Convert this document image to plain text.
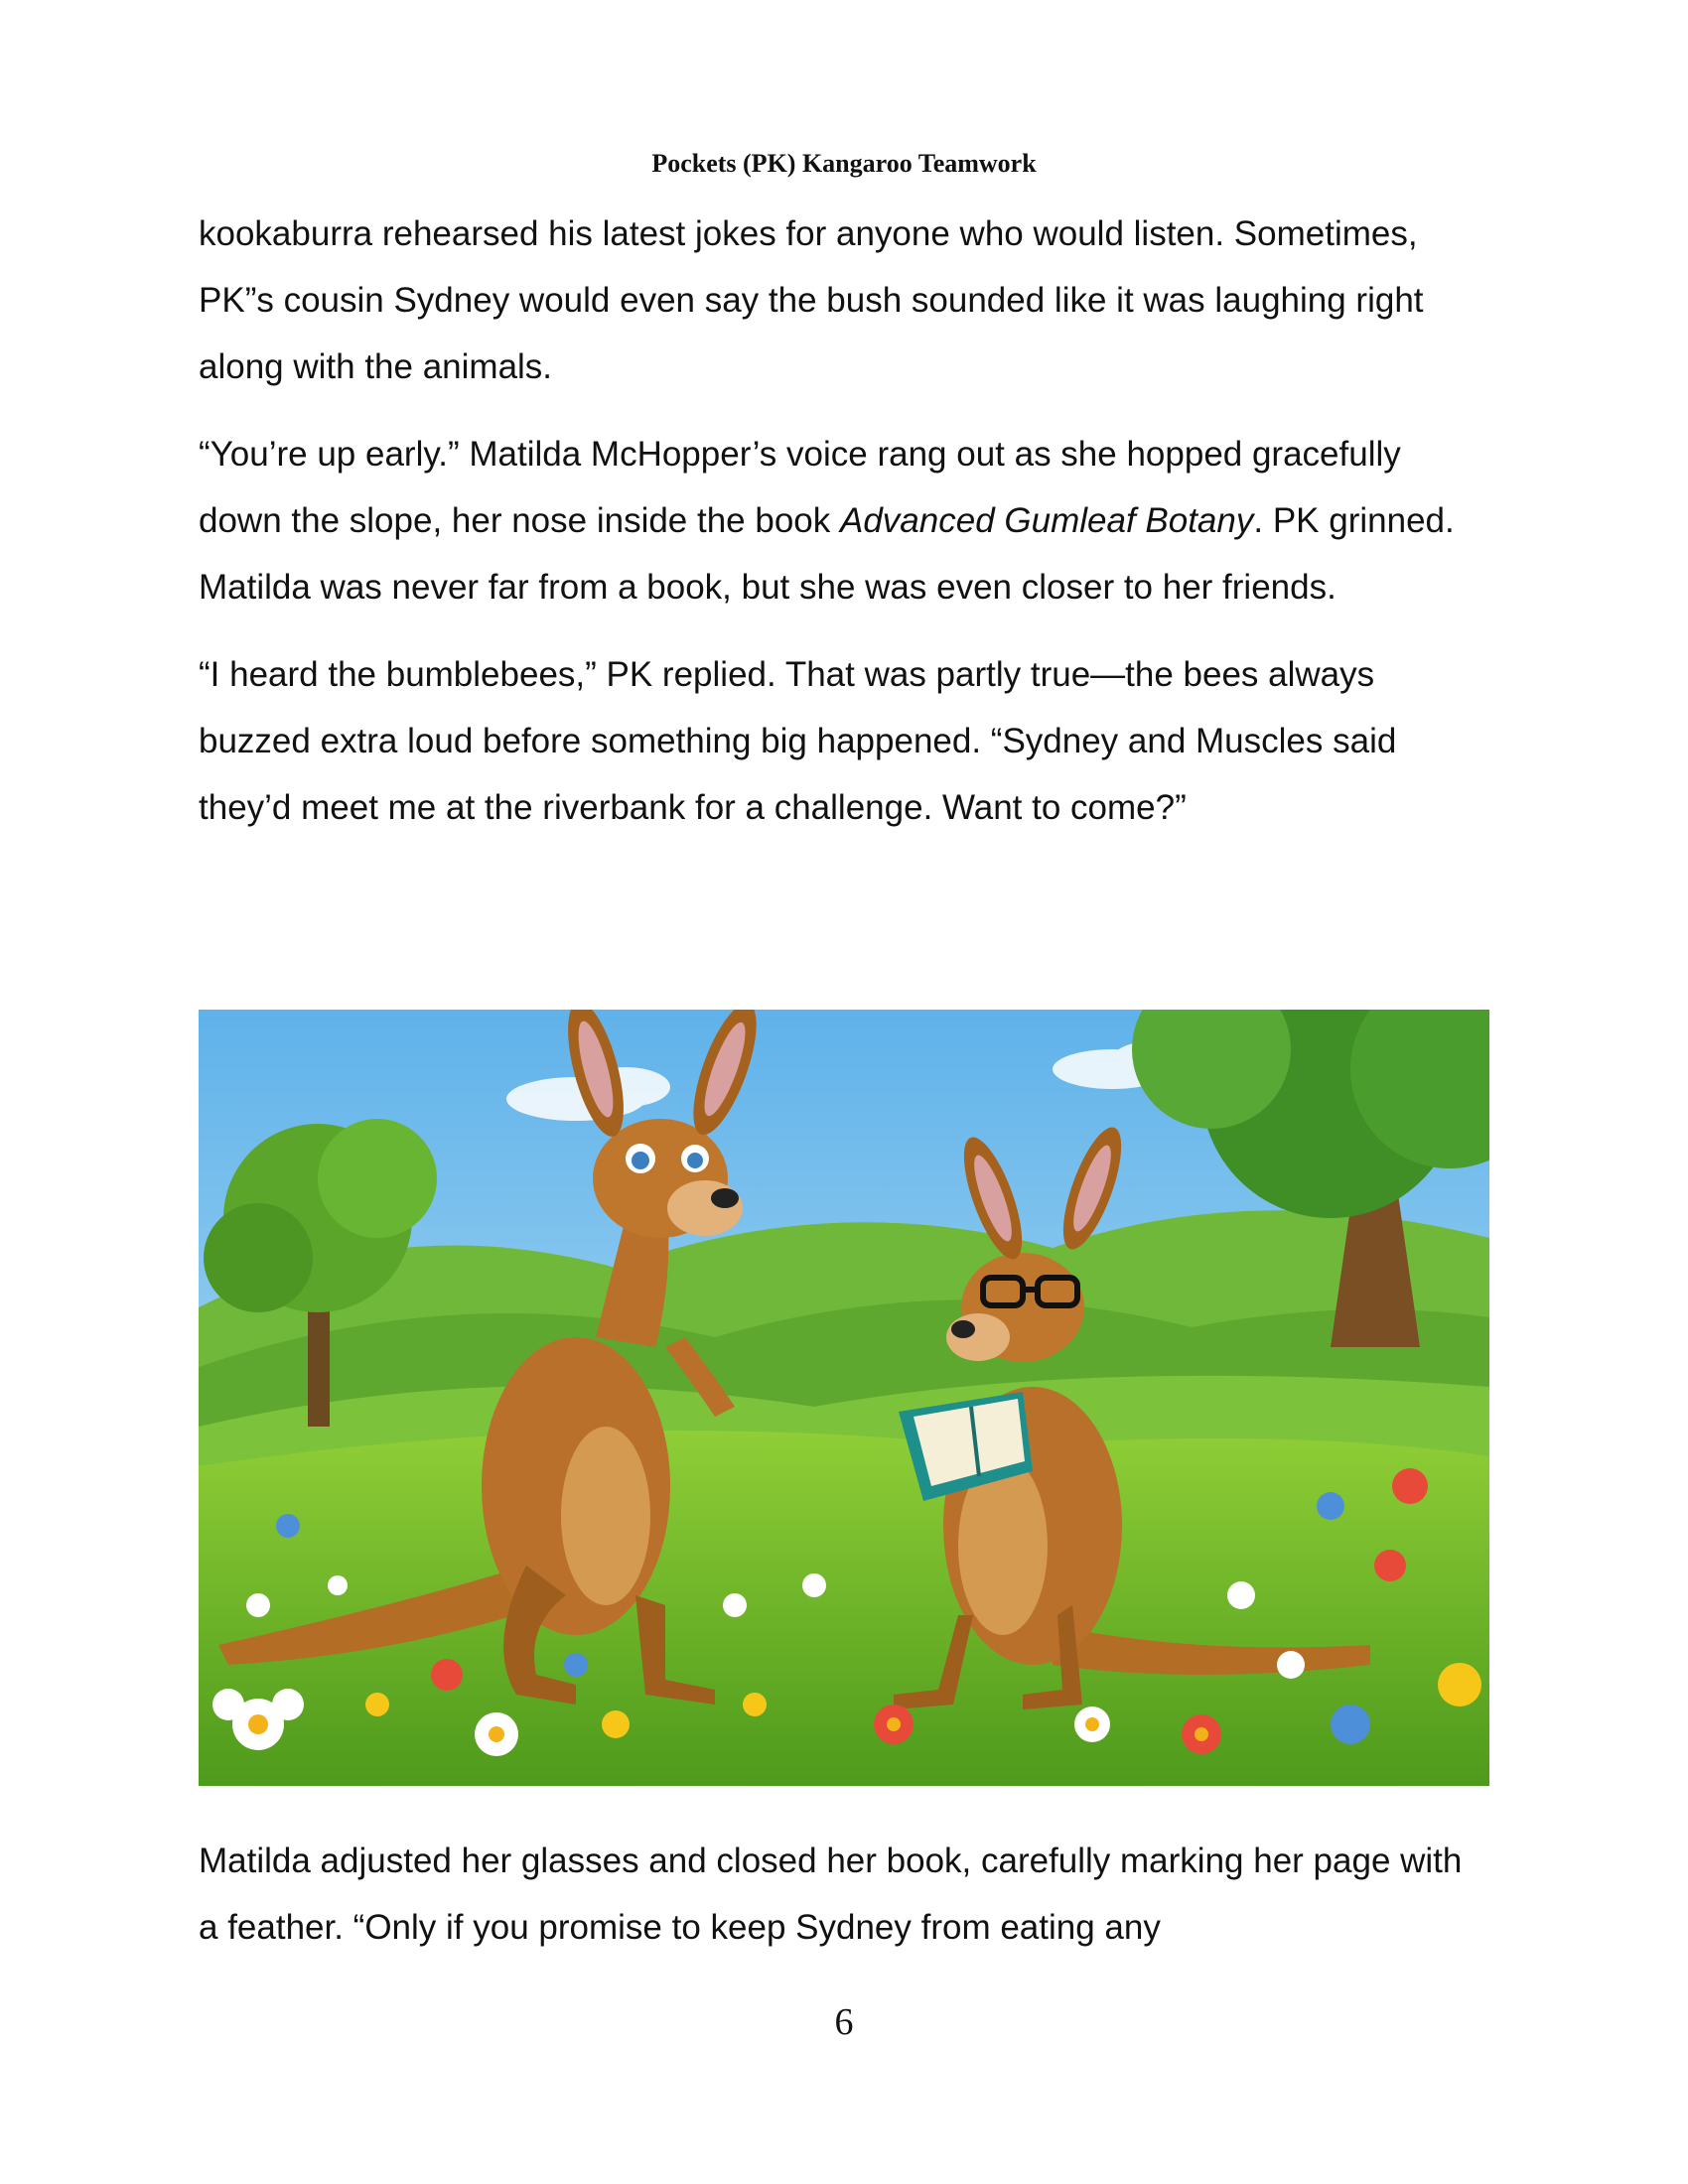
Pockets (PK) Kangaroo Teamwork

kookaburra rehearsed his latest jokes for anyone who would listen. Sometimes, PK”s cousin Sydney would even say the bush sounded like it was laughing right along with the animals.

“You’re up early.” Matilda McHopper’s voice rang out as she hopped gracefully down the slope, her nose inside the book Advanced Gumleaf Botany. PK grinned. Matilda was never far from a book, but she was even closer to her friends.

“I heard the bumblebees,” PK replied. That was partly true—the bees always buzzed extra loud before something big happened. “Sydney and Muscles said they’d meet me at the riverbank for a challenge. Want to come?”

Matilda adjusted her glasses and closed her book, carefully marking her page with a feather. “Only if you promise to keep Sydney from eating any

6
